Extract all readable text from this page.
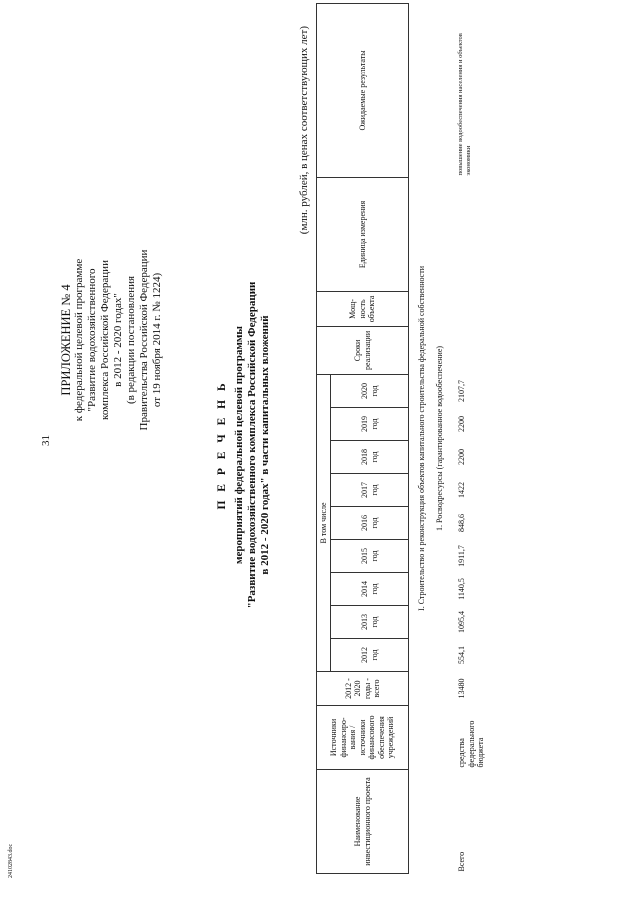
31
24102843.doc
ПРИЛОЖЕНИЕ № 4 к федеральной целевой программе "Развитие водохозяйственного комплекса Российской Федерации в 2012 - 2020 годах" (в редакции постановления Правительства Российской Федерации от 19 ноября 2014 г. № 1224)
П Е Р Е Ч Е Н Ь мероприятий федеральной целевой программы "Развитие водохозяйственного комплекса Российской Федерации в 2012 - 2020 годах" в части капитальных вложений
(млн. рублей, в ценах соответствующих лет)
Наименование инвестиционного проекта	Источники финансиро-вания / источники финансового обеспечения учреждений	2012 - 2020 годы - всего	В том числе									Сроки реализации	Мощ-ность объекта	Единица измерения	Ожидаемые результаты
			2012 год	2013 год	2014 год	2015 год	2016 год	2017 год	2018 год	2019 год	2020 год				
I. Строительство и реконструкция объектов капитального строительства федеральной собственности															
1. Росводресурсы (гарантированное водообеспечение)															
Всего	средства федерального бюджета	13480	554,1	1095,4	1140,5	1911,7	848,6	1422	2200	2200	2107,7				повышение водообеспечения населения и объектов экономики
